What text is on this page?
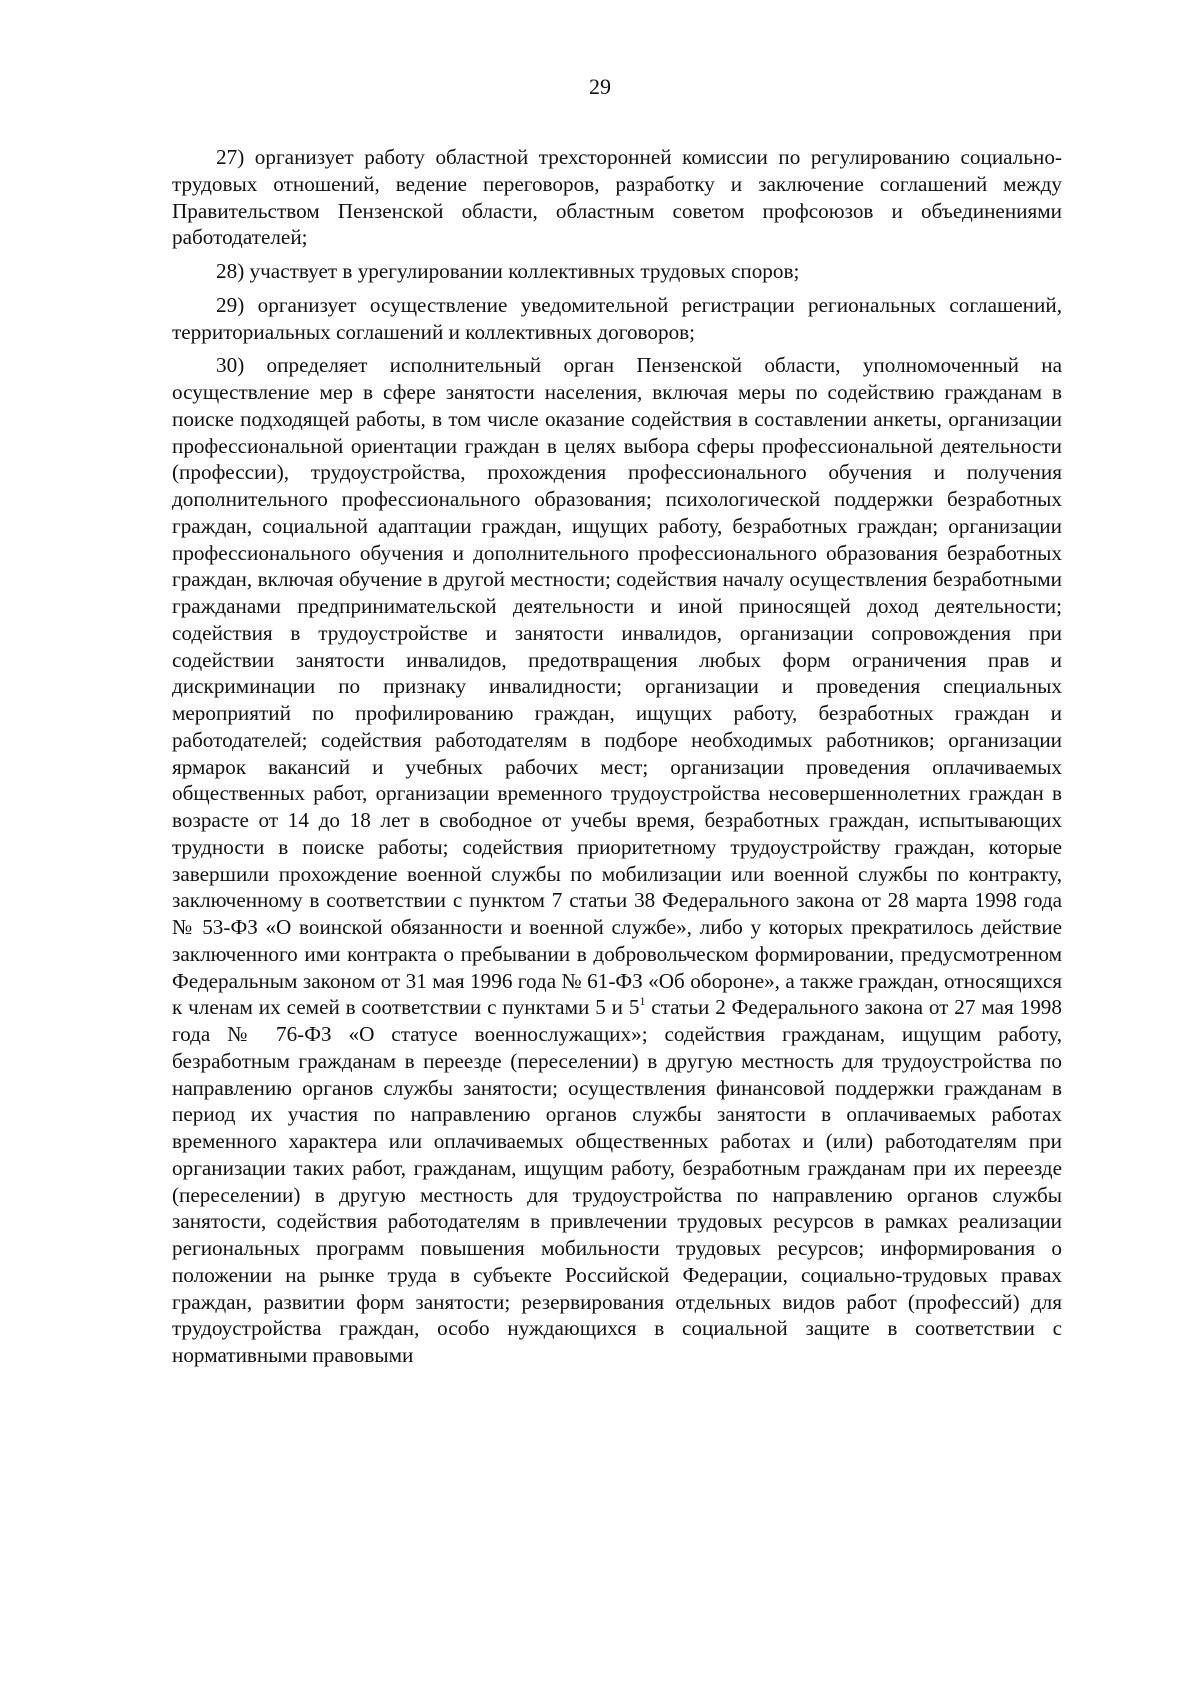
29

27) организует работу областной трехсторонней комиссии по регулированию социально-трудовых отношений, ведение переговоров, разработку и заключение соглашений между Правительством Пензенской области, областным советом профсоюзов и объединениями работодателей;

28) участвует в урегулировании коллективных трудовых споров;

29) организует осуществление уведомительной регистрации региональных соглашений, территориальных соглашений и коллективных договоров;

30) определяет исполнительный орган Пензенской области, уполномоченный на осуществление мер в сфере занятости населения, включая меры по содействию гражданам в поиске подходящей работы, в том числе оказание содействия в составлении анкеты, организации профессиональной ориентации граждан в целях выбора сферы профессиональной деятельности (профессии), трудоустройства, прохождения профессионального обучения и получения дополнительного профессионального образования; психологической поддержки безработных граждан, социальной адаптации граждан, ищущих работу, безработных граждан; организации профессионального обучения и дополнительного профессионального образования безработных граждан, включая обучение в другой местности; содействия началу осуществления безработными гражданами предпринимательской деятельности и иной приносящей доход деятельности; содействия в трудоустройстве и занятости инвалидов, организации сопровождения при содействии занятости инвалидов, предотвращения любых форм ограничения прав и дискриминации по признаку инвалидности; организации и проведения специальных мероприятий по профилированию граждан, ищущих работу, безработных граждан и работодателей; содействия работодателям в подборе необходимых работников; организации ярмарок вакансий и учебных рабочих мест; организации проведения оплачиваемых общественных работ, организации временного трудоустройства несовершеннолетних граждан в возрасте от 14 до 18 лет в свободное от учебы время, безработных граждан, испытывающих трудности в поиске работы; содействия приоритетному трудоустройству граждан, которые завершили прохождение военной службы по мобилизации или военной службы по контракту, заключенному в соответствии с пунктом 7 статьи 38 Федерального закона от 28 марта 1998 года № 53-ФЗ «О воинской обязанности и военной службе», либо у которых прекратилось действие заключенного ими контракта о пребывании в добровольческом формировании, предусмотренном Федеральным законом от 31 мая 1996 года № 61-ФЗ «Об обороне», а также граждан, относящихся к членам их семей в соответствии с пунктами 5 и $5^1$ статьи 2 Федерального закона от 27 мая 1998 года № 76-ФЗ «О статусе военнослужащих»; содействия гражданам, ищущим работу, безработным гражданам в переезде (переселении) в другую местность для трудоустройства по направлению органов службы занятости; осуществления финансовой поддержки гражданам в период их участия по направлению органов службы занятости в оплачиваемых работах временного характера или оплачиваемых общественных работах и (или) работодателям при организации таких работ, гражданам, ищущим работу, безработным гражданам при их переезде (переселении) в другую местность для трудоустройства по направлению органов службы занятости, содействия работодателям в привлечении трудовых ресурсов в рамках реализации региональных программ повышения мобильности трудовых ресурсов; информирования о положении на рынке труда в субъекте Российской Федерации, социально-трудовых правах граждан, развитии форм занятости; резервирования отдельных видов работ (профессий) для трудоустройства граждан, особо нуждающихся в социальной защите в соответствии с нормативными правовыми
